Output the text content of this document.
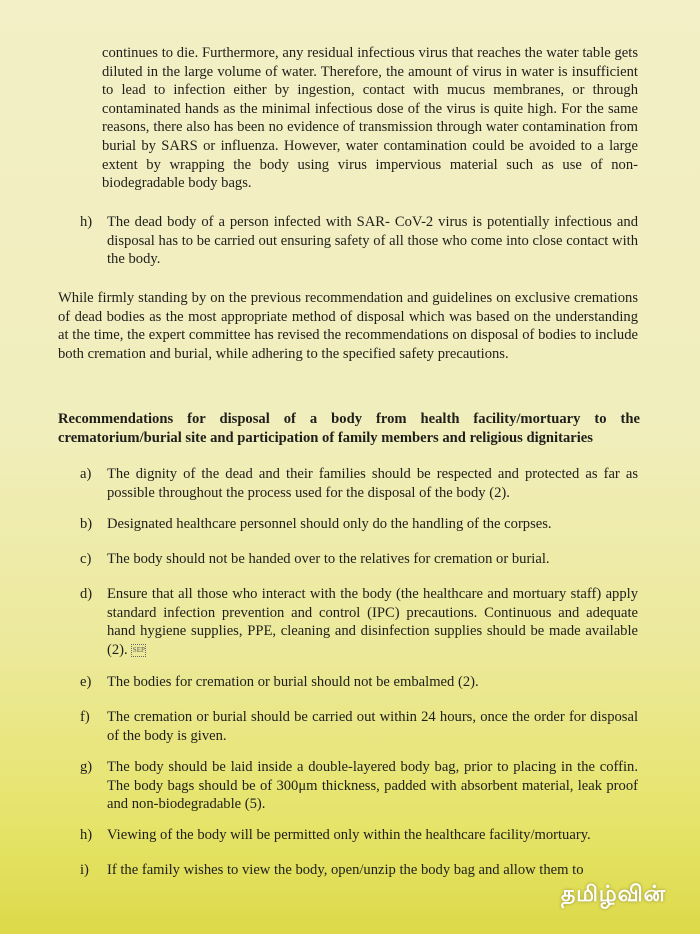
continues to die. Furthermore, any residual infectious virus that reaches the water table gets diluted in the large volume of water. Therefore, the amount of virus in water is insufficient to lead to infection either by ingestion, contact with mucus membranes, or through contaminated hands as the minimal infectious dose of the virus is quite high. For the same reasons, there also has been no evidence of transmission through water contamination from burial by SARS or influenza. However, water contamination could be avoided to a large extent by wrapping the body using virus impervious material such as use of non-biodegradable body bags.

h)	The dead body of a person infected with SAR- CoV-2 virus is potentially infectious and disposal has to be carried out ensuring safety of all those who come into close contact with the body.

While firmly standing by on the previous recommendation and guidelines on exclusive cremations of dead bodies as the most appropriate method of disposal which was based on the understanding at the time, the expert committee has revised the recommendations on disposal of bodies to include both cremation and burial, while adhering to the specified safety precautions.

Recommendations for disposal of a body from health facility/mortuary to the crematorium/burial site and participation of family members and religious dignitaries

a)	The dignity of the dead and their families should be respected and protected as far as possible throughout the process used for the disposal of the body (2).
b)	Designated healthcare personnel should only do the handling of the corpses.
c)	The body should not be handed over to the relatives for cremation or burial.
d)	Ensure that all those who interact with the body (the healthcare and mortuary staff) apply standard infection prevention and control (IPC) precautions. Continuous and adequate hand hygiene supplies, PPE, cleaning and disinfection supplies should be made available (2). SEP
e)	The bodies for cremation or burial should not be embalmed (2).
f)	The cremation or burial should be carried out within 24 hours, once the order for disposal of the body is given.
g)	The body should be laid inside a double-layered body bag, prior to placing in the coffin. The body bags should be of 300μm thickness, padded with absorbent material, leak proof and non-biodegradable (5).
h)	Viewing of the body will be permitted only within the healthcare facility/mortuary.
i)	If the family wishes to view the body, open/unzip the body bag and allow them to
தமிழ்வின்
